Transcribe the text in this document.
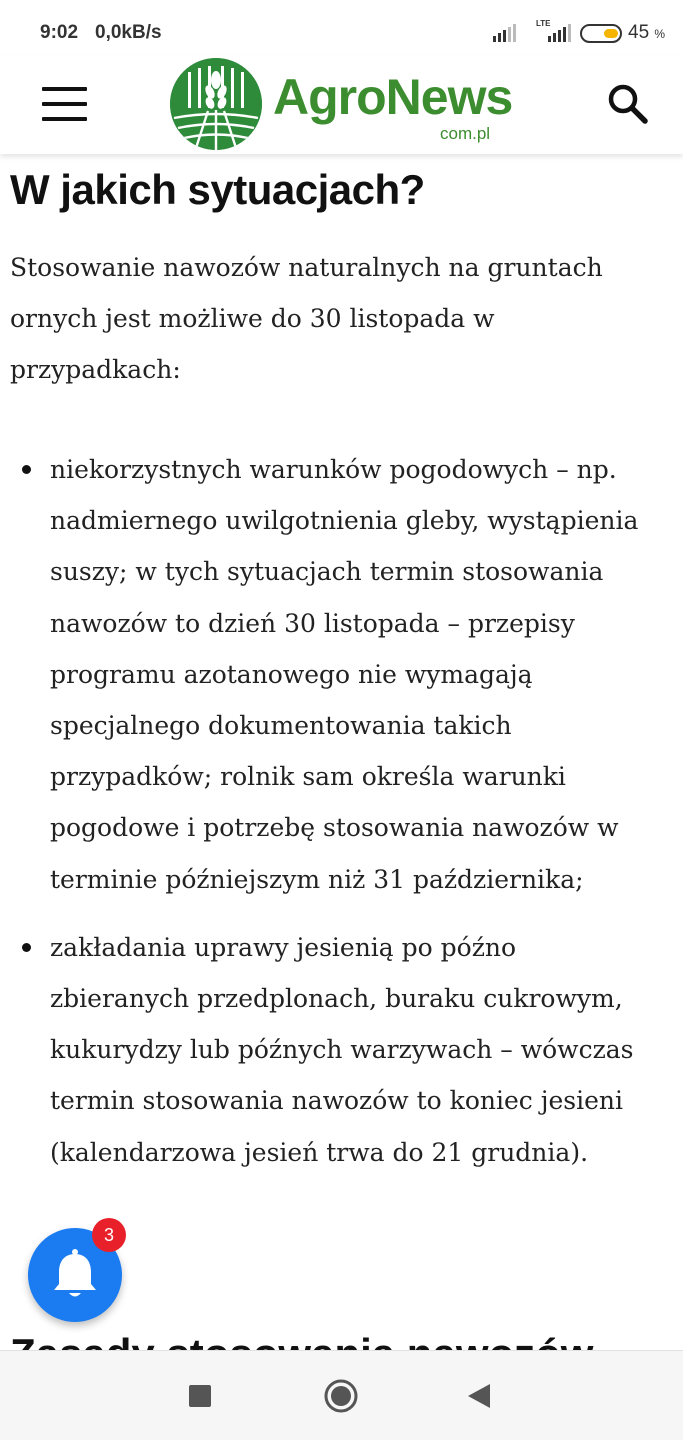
9:02 0,0kB/s	LTE	45 %
AgroNews
com.pl
W jakich sytuacjach?

Stosowanie nawozów naturalnych na gruntach ornych jest możliwe do 30 listopada w przypadkach:

niekorzystnych warunków pogodowych – np. nadmiernego uwilgotnienia gleby, wystąpienia suszy; w tych sytuacjach termin stosowania nawozów to dzień 30 listopada – przepisy programu azotanowego nie wymagają specjalnego dokumentowania takich przypadków; rolnik sam określa warunki pogodowe i potrzebę stosowania nawozów w terminie późniejszym niż 31 października;
zakładania uprawy jesienią po późno zbieranych przedplonach, buraku cukrowym, kukurydzy lub późnych warzywach – wówczas termin stosowania nawozów to koniec jesieni (kalendarzowa jesień trwa do 21 grudnia).
3
